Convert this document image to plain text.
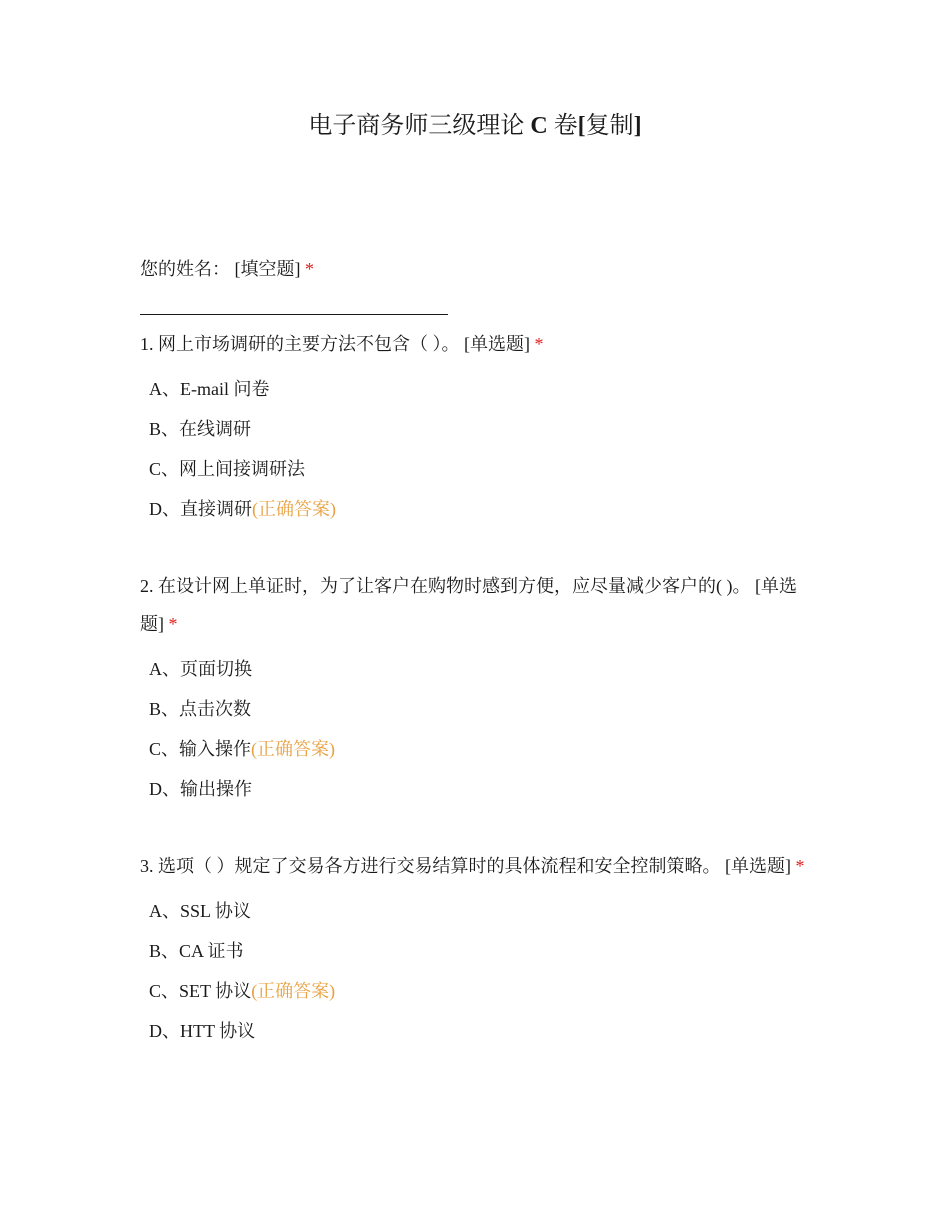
电子商务师三级理论 C 卷[复制]
您的姓名： [填空题] *
1. 网上市场调研的主要方法不包含（ ）。 [单选题] *
A、E-mail 问卷
B、在线调研
C、网上间接调研法
D、直接调研(正确答案)
2. 在设计网上单证时，为了让客户在购物时感到方便，应尽量减少客户的( )。 [单选题] *
A、页面切换
B、点击次数
C、输入操作(正确答案)
D、输出操作
3. 选项（ ）规定了交易各方进行交易结算时的具体流程和安全控制策略。 [单选题] *
A、SSL 协议
B、CA 证书
C、SET 协议(正确答案)
D、HTT 协议
